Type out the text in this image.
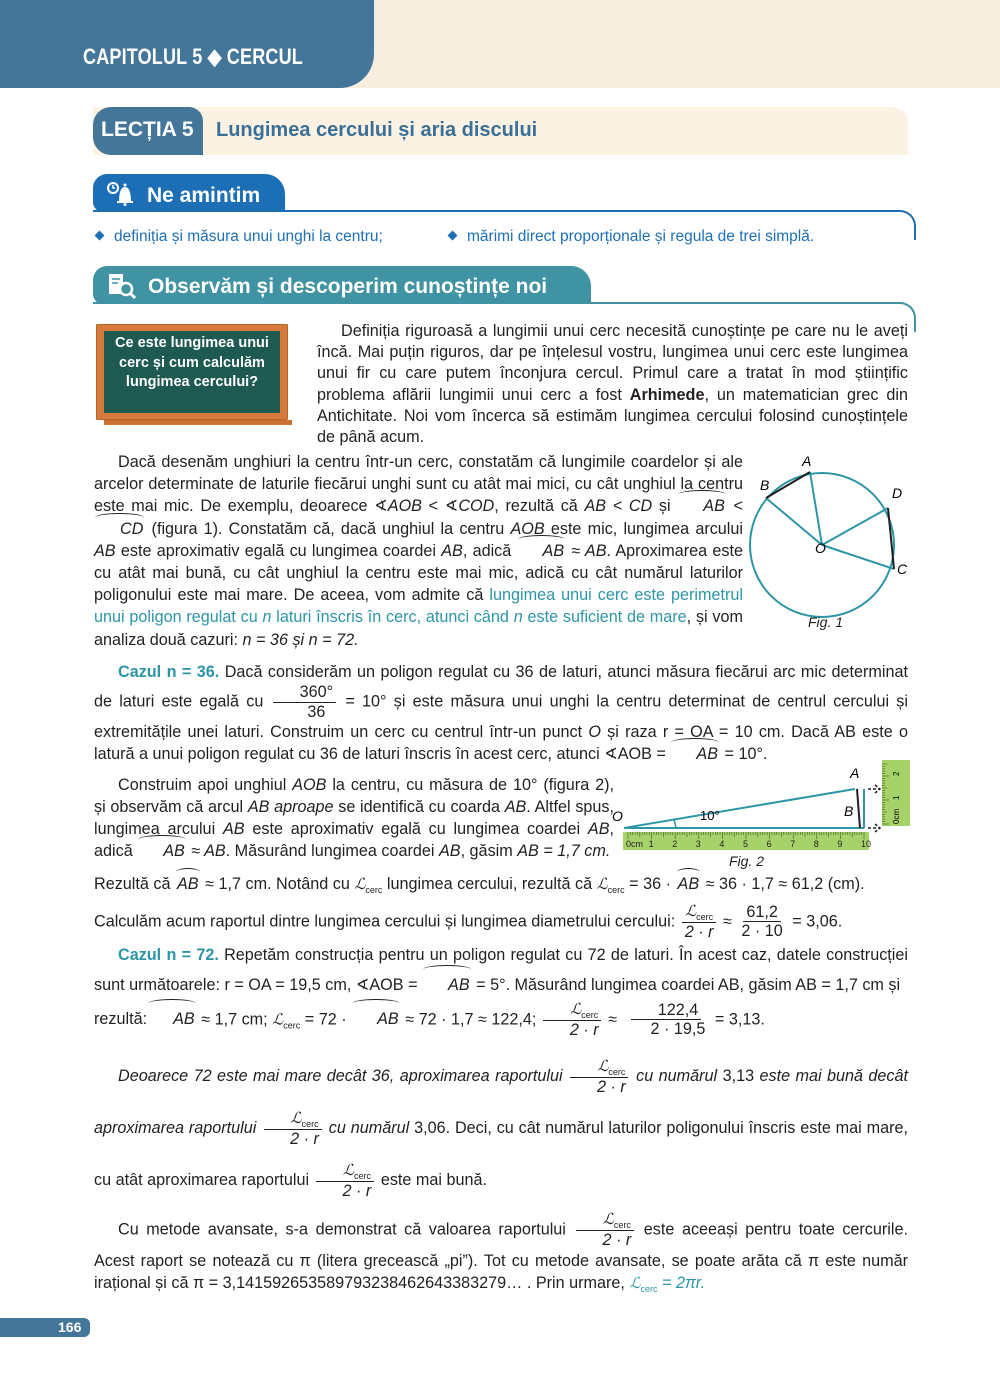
CAPITOLUL 5 ◆ CERCUL
LECȚIA 5 Lungimea cercului și aria discului
Ne amintim
definiția și măsura unui unghi la centru;	mărimi direct proporționale și regula de trei simplă.
Observăm și descoperim cunoștințe noi
Ce este lungimea unui cerc și cum calculăm lungimea cercului?
Definiția riguroasă a lungimii unui cerc necesită cunoștințe pe care nu le aveți încă. Mai puțin riguros, dar pe înțelesul vostru, lungimea unui cerc este lungimea unui fir cu care putem înconjura cercul. Primul care a tratat în mod științific problema aflării lungimii unui cerc a fost Arhimede, un matematician grec din Antichitate. Noi vom încerca să estimăm lungimea cercului folosind cunoștințele de până acum.
Dacă desenăm unghiuri la centru într-un cerc, constatăm că lungimile coardelor și ale arcelor determinate de laturile fiecărui unghi sunt cu atât mai mici, cu cât unghiul la centru este mai mic. De exemplu, deoarece ∢AOB < ∢COD, rezultă că AB < CD și AB < CD (figura 1). Constatăm că, dacă unghiul la centru AOB este mic, lungimea arcului AB este aproximativ egală cu lungimea coardei AB, adică AB ≈ AB. Aproximarea este cu atât mai bună, cu cât unghiul la centru este mai mic, adică cu cât numărul laturilor poligonului este mai mare. De aceea, vom admite că lungimea unui cerc este perimetrul unui poligon regulat cu n laturi înscris în cerc, atunci când n este suficient de mare, și vom analiza două cazuri: n = 36 și n = 72.
Cazul n = 36. Dacă considerăm un poligon regulat cu 36 de laturi, atunci măsura fiecărui arc mic determinat de laturi este egală cu $\frac{360^\circ}{36} = 10^\circ$ și este măsura unui unghi la centru determinat de centrul cercului și extremitățile unei laturi. Construim un cerc cu centrul într-un punct O și raza r = OA = 10 cm. Dacă AB este o latură a unui poligon regulat cu 36 de laturi înscris în acest cerc, atunci ∢AOB = AB = 10°.
Construim apoi unghiul AOB la centru, cu măsura de 10° (figura 2), și observăm că arcul AB aproape se identifică cu coarda AB. Altfel spus, lungimea arcului AB este aproximativ egală cu lungimea coardei AB, adică AB ≈ AB. Măsurând lungimea coardei AB, găsim AB = 1,7 cm.
Rezultă că AB ≈ 1,7 cm. Notând cu ℒ$_{cerc}$ lungimea cercului, rezultă că ℒ$_{cerc}$ = 36 · AB ≈ 36 · 1,7 ≈ 61,2 (cm).
Calculăm acum raportul dintre lungimea cercului și lungimea diametrului cercului: $\frac{ℒ_{cerc}}{2 \cdot r} \approx \frac{61,2}{2 \cdot 10} = 3,06$.
Cazul n = 72. Repetăm construcția pentru un poligon regulat cu 72 de laturi. În acest caz, datele construcției sunt următoarele: r = OA = 19,5 cm, ∢AOB = AB = 5°. Măsurând lungimea coardei AB, găsim AB = 1,7 cm și
rezultă:AB ≈ 1,7 cm; ℒ$_{cerc}$ = 72 · AB ≈ 72 · 1,7 ≈ 122,4; $\frac{ℒ_{cerc}}{2 \cdot r} \approx \frac{122,4}{2 \cdot 19,5} = 3,13$.
Deoarece 72 este mai mare decât 36, aproximarea raportului $\frac{ℒ_{cerc}}{2 \cdot r}$ cu numărul 3,13 este mai bună decât aproximarea raportului $\frac{ℒ_{cerc}}{2 \cdot r}$ cu numărul 3,06. Deci, cu cât numărul laturilor poligonului înscris este mai mare, cu atât aproximarea raportului $\frac{ℒ_{cerc}}{2 \cdot r}$ este mai bună.
Cu metode avansate, s-a demonstrat că valoarea raportului $\frac{ℒ_{cerc}}{2 \cdot r}$ este aceeași pentru toate cercurile. Acest raport se notează cu π (litera grecească „pi”). Tot cu metode avansate, se poate arăta că π este număr irațional și că π = 3,14159265358979323846264338327​9… . Prin urmare, ℒ$_{cerc}$ = 2πr.
A
B
C
D
O
Fig. 1
0cm 1 2 3 4 5 6 7 8 9 10
0cm
1
2
O
A
B
10°
Fig. 2
166
